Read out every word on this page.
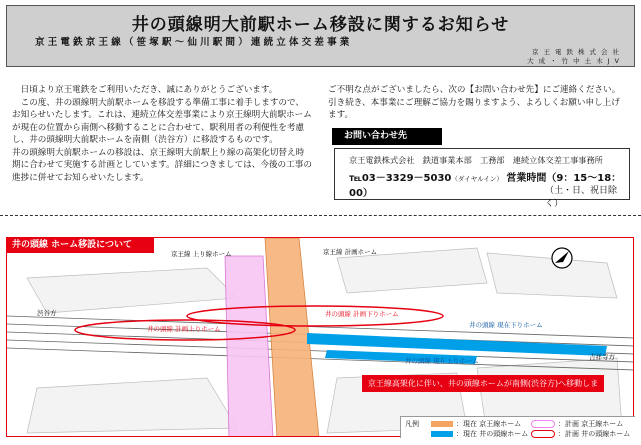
井の頭線明大前駅ホーム移設に関するお知らせ
京王電鉄京王線（笹塚駅～仙川駅間）連続立体交差事業
京王電鉄株式会社
大成・竹中土木JV
日頃より京王電鉄をご利用いただき、誠にありがとうございます。
この度、井の頭線明大前駅ホームを移設する準備工事に着手しますので、お知らせいたします。これは、連続立体交差事業により京王線明大前駅ホームが現在の位置から南側へ移動することに合わせて、駅利用者の利便性を考慮し、井の頭線明大前駅ホームを南側（渋谷方）に移設するものです。
井の頭線明大前駅ホームの移設は、京王線明大前駅上り線の高架化切替え時期に合わせて実施する計画としています。詳細につきましては、今後の工事の進捗に併せてお知らせいたします。
ご不明な点がございましたら、次の【お問い合わせ先】にご連絡ください。
引き続き、本事業にご理解ご協力を賜りますよう、よろしくお願い申し上げます。
お問い合わせ先
京王電鉄株式会社　鉄道事業本部　工務部　連続立体交差工事事務所
℡03－3329－5030（ダイヤルイン） 営業時間（9：15～18：00）	（土・日、祝日除く）
京王線 上り線ホーム	京王線 計画ホーム
井の頭線 計画下りホーム
井の頭線 計画上りホーム	井の頭線 現在下りホーム
井の頭線 現在上りホーム
渋谷方
吉祥寺方
井の頭線 ホーム移設について
京王線高架化に伴い、井の頭線ホームが南側(渋谷方)へ移動します。
凡例	：現在 京王線ホーム	：計画 京王線ホーム
：現在 井の頭線ホーム	：計画 井の頭線ホーム
